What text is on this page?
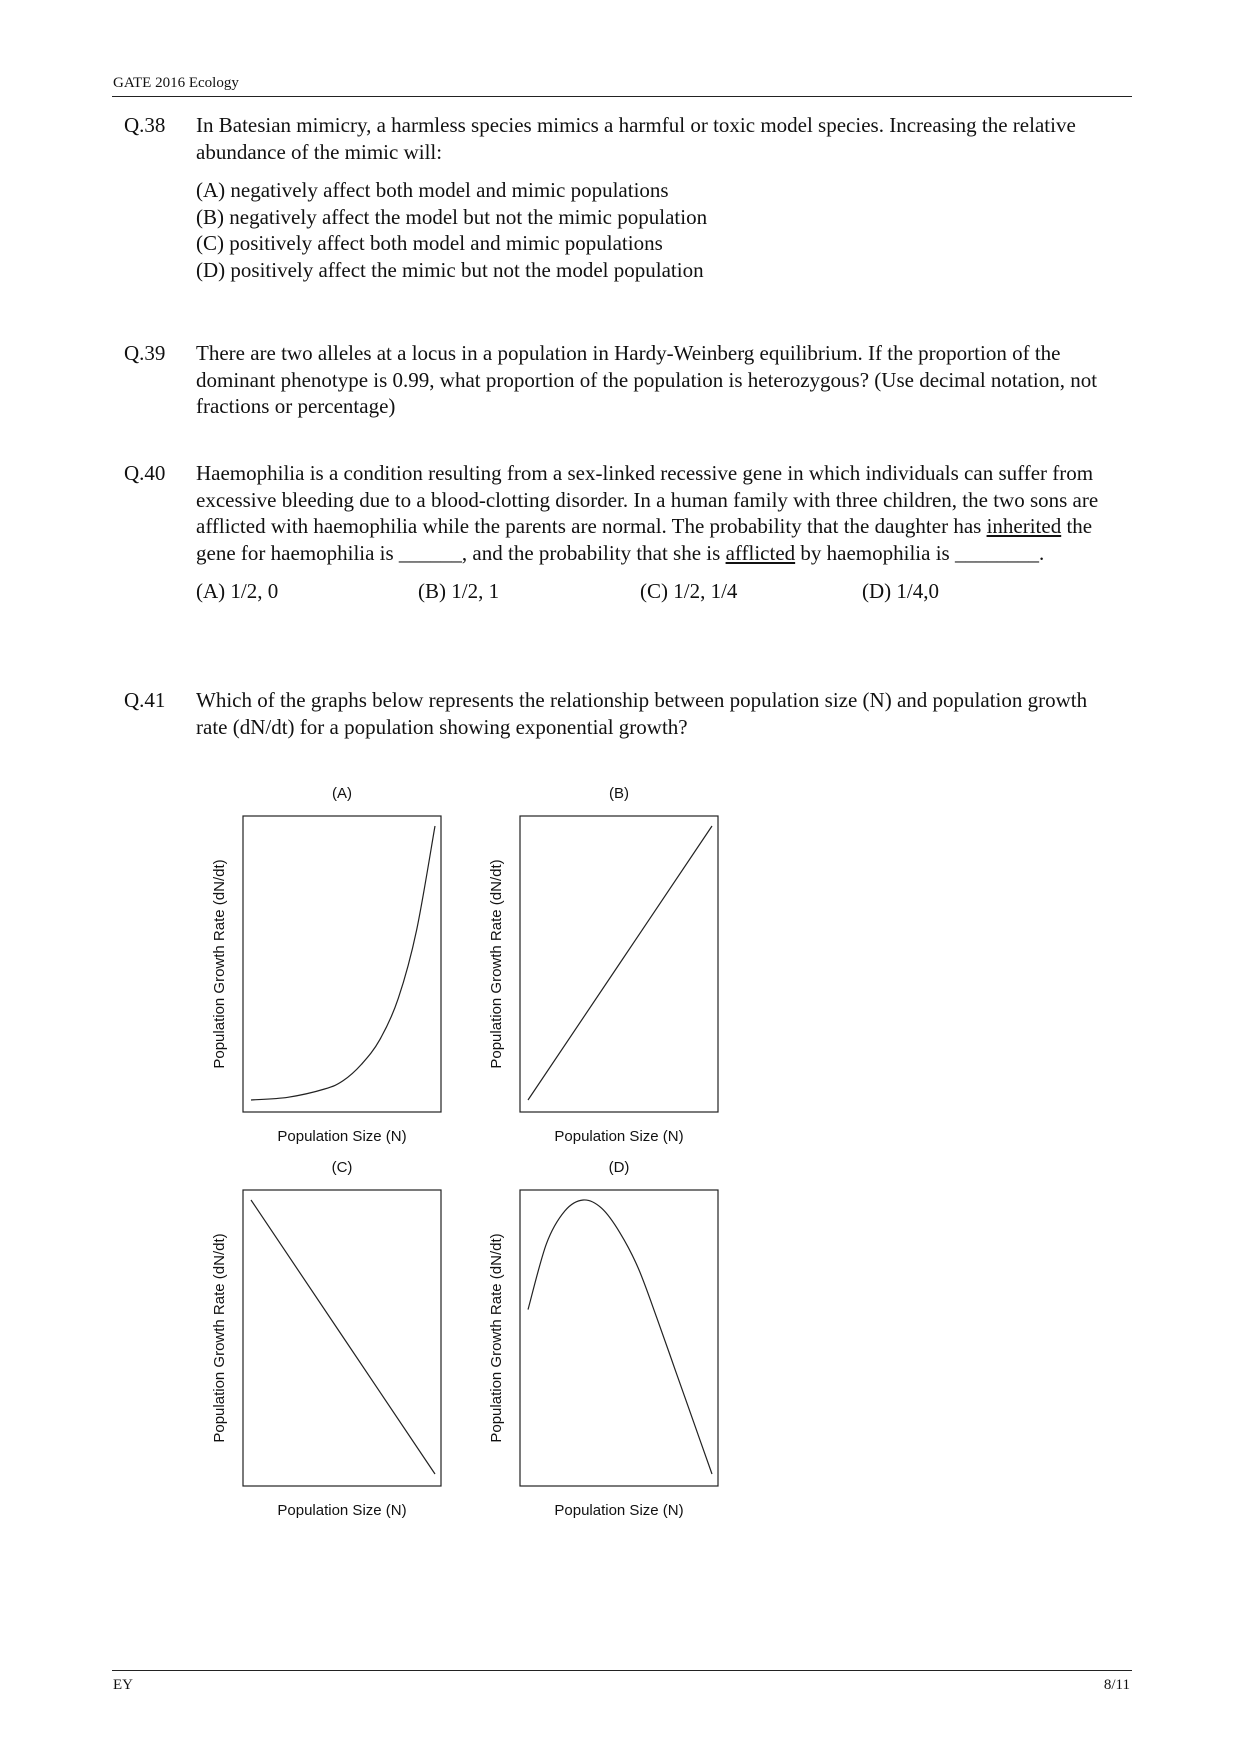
GATE 2016 Ecology
Q.38	In Batesian mimicry, a harmless species mimics a harmful or toxic model species. Increasing the relative abundance of the mimic will:
(A) negatively affect both model and mimic populations
(B) negatively affect the model but not the mimic population
(C) positively affect both model and mimic populations
(D) positively affect the mimic but not the model population
Q.39	There are two alleles at a locus in a population in Hardy-Weinberg equilibrium. If the proportion of the dominant phenotype is 0.99, what proportion of the population is heterozygous? (Use decimal notation, not fractions or percentage)
Q.40	Haemophilia is a condition resulting from a sex-linked recessive gene in which individuals can suffer from excessive bleeding due to a blood-clotting disorder. In a human family with three children, the two sons are afflicted with haemophilia while the parents are normal. The probability that the daughter has inherited the gene for haemophilia is ______, and the probability that she is afflicted by haemophilia is ________.
(A) 1/2, 0	(B) 1/2, 1	(C) 1/2, 1/4	(D) 1/4,0
Q.41	Which of the graphs below represents the relationship between population size (N) and population growth rate (dN/dt) for a population showing exponential growth?
(A)
Population Size (N)
Population Growth Rate (dN/dt)
(B)
Population Size (N)
Population Growth Rate (dN/dt)
(C)
Population Size (N)
Population Growth Rate (dN/dt)
(D)
Population Size (N)
Population Growth Rate (dN/dt)
EY	8/11
